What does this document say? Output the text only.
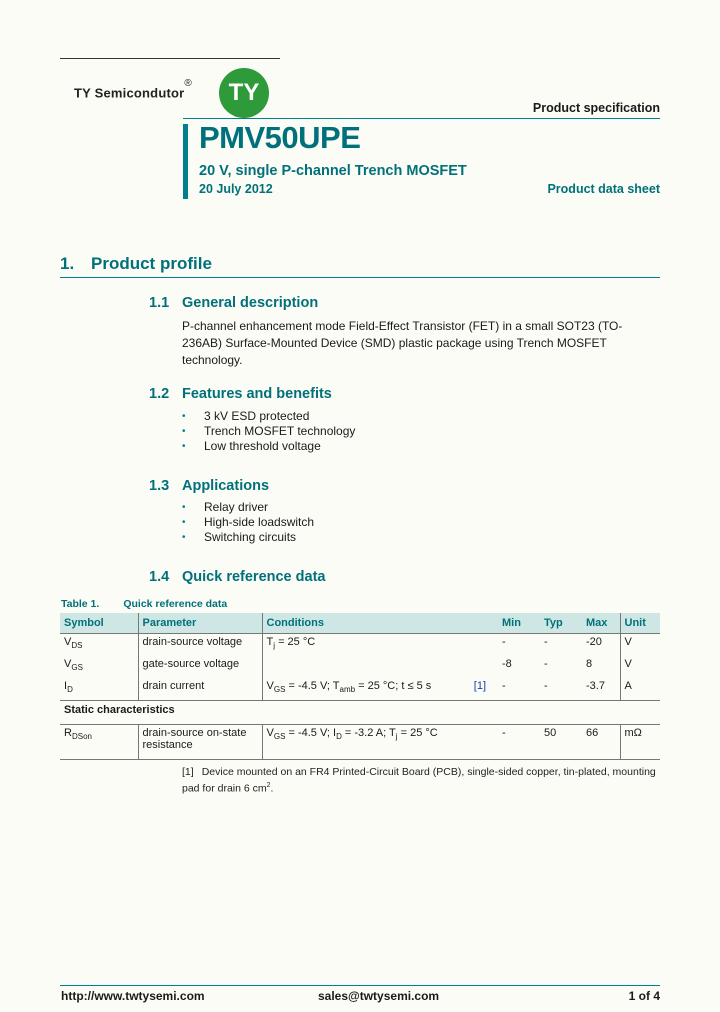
TY Semicondutor®	TY
Product specification
PMV50UPE
20 V, single P-channel Trench MOSFET
20 July 2012	Product data sheet
1. Product profile
1.1 General description
P-channel enhancement mode Field-Effect Transistor (FET) in a small SOT23 (TO-236AB) Surface-Mounted Device (SMD) plastic package using Trench MOSFET technology.
1.2 Features and benefits
• 3 kV ESD protected
• Trench MOSFET technology
• Low threshold voltage
1.3 Applications
• Relay driver
• High-side loadswitch
• Switching circuits
1.4 Quick reference data
Table 1. Quick reference data
Symbol	Parameter	Conditions	Min	Typ	Max	Unit
$V_{DS}$	drain-source voltage	$T_j = 25$ °C	-	-	-20	V
$V_{GS}$	gate-source voltage		-8	-	8	V
$I_D$	drain current	$V_{GS} = -4.5$ V; $T_{amb} = 25$ °C; t ≤ 5 s [1]	-	-	-3.7	A
Static characteristics						
$R_{DSon}$	drain-source on-state resistance	$V_{GS} = -4.5$ V; $I_D = -3.2$ A; $T_j = 25$ °C	-	50	66	mΩ
[1] Device mounted on an FR4 Printed-Circuit Board (PCB), single-sided copper, tin-plated, mounting pad for drain 6 $cm^2$.
http://www.twtysemi.com	sales@twtysemi.com	1 of 4
